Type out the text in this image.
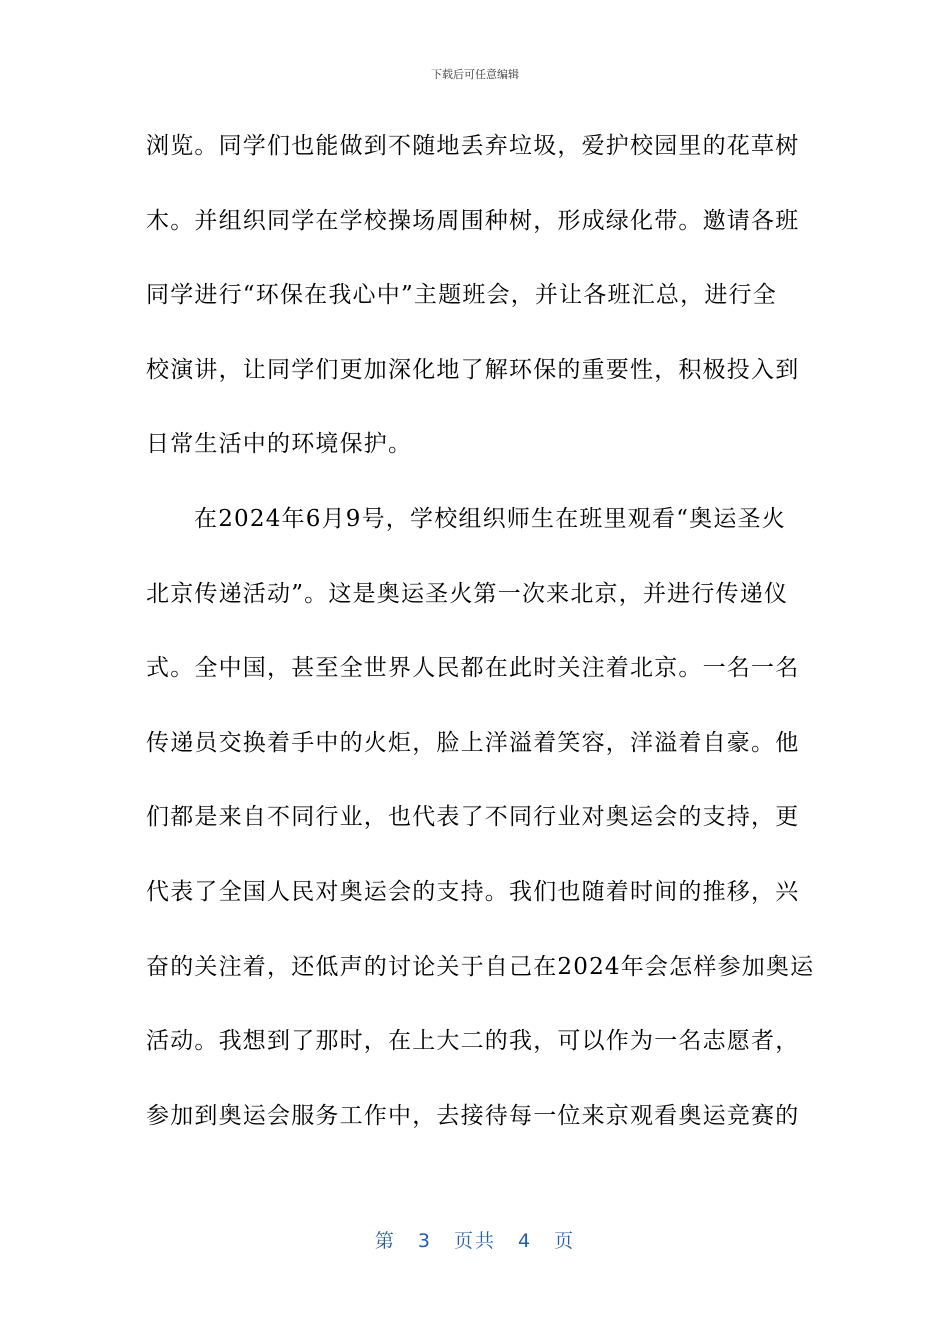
下载后可任意编辑
浏览。同学们也能做到不随地丢弃垃圾，爱护校园里的花草树
木。并组织同学在学校操场周围种树，形成绿化带。邀请各班
同学进行“环保在我心中”主题班会，并让各班汇总，进行全
校演讲，让同学们更加深化地了解环保的重要性，积极投入到
日常生活中的环境保护。
在2024年6月9号，学校组织师生在班里观看“奥运圣火
北京传递活动”。这是奥运圣火第一次来北京，并进行传递仪
式。全中国，甚至全世界人民都在此时关注着北京。一名一名
传递员交换着手中的火炬，脸上洋溢着笑容，洋溢着自豪。他
们都是来自不同行业，也代表了不同行业对奥运会的支持，更
代表了全国人民对奥运会的支持。我们也随着时间的推移，兴
奋的关注着，还低声的讨论关于自己在2024年会怎样参加奥运
活动。我想到了那时，在上大二的我，可以作为一名志愿者，
参加到奥运会服务工作中，去接待每一位来京观看奥运竞赛的
第 3 页共 4 页
